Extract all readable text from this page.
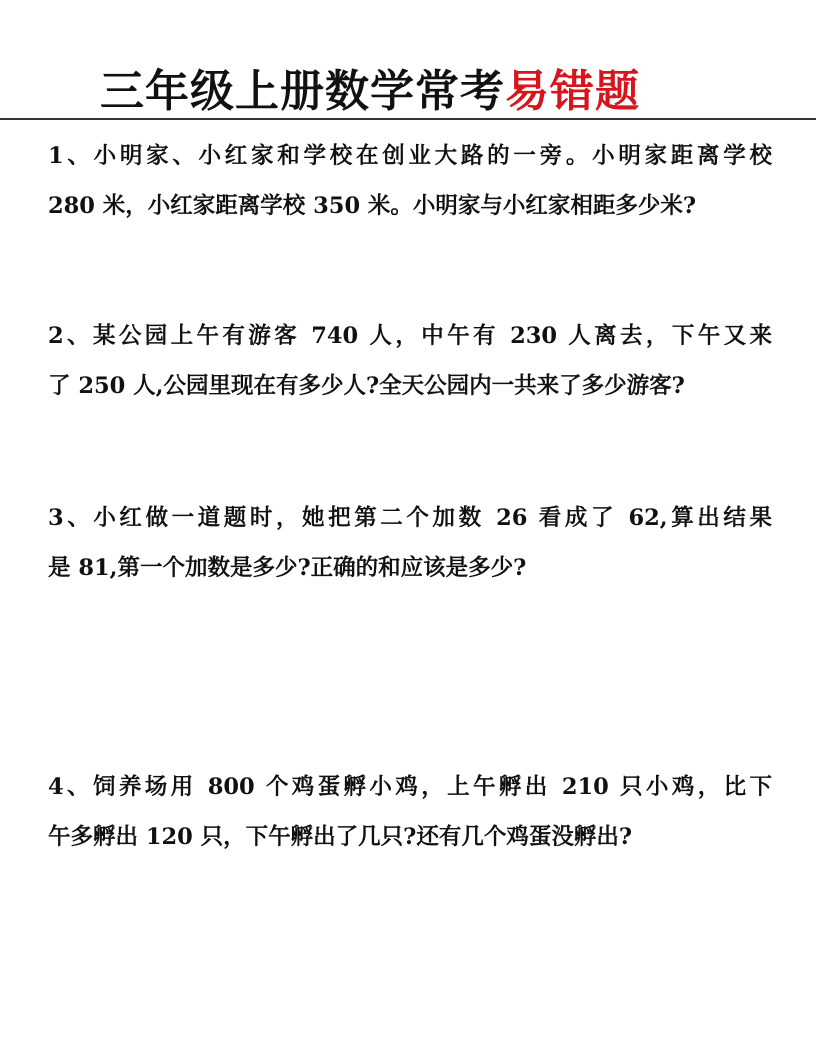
三年级上册数学常考易错题
1、小明家、小红家和学校在创业大路的一旁。小明家距离学校
280 米，小红家距离学校 350 米。小明家与小红家相距多少米?
2、某公园上午有游客 740 人，中午有 230 人离去，下午又来
了 250 人,公园里现在有多少人?全天公园内一共来了多少游客?
3、小红做一道题时，她把第二个加数 26 看成了 62,算出结果
是 81,第一个加数是多少?正确的和应该是多少?
4、饲养场用 800 个鸡蛋孵小鸡，上午孵出 210 只小鸡，比下
午多孵出 120 只，下午孵出了几只?还有几个鸡蛋没孵出?
